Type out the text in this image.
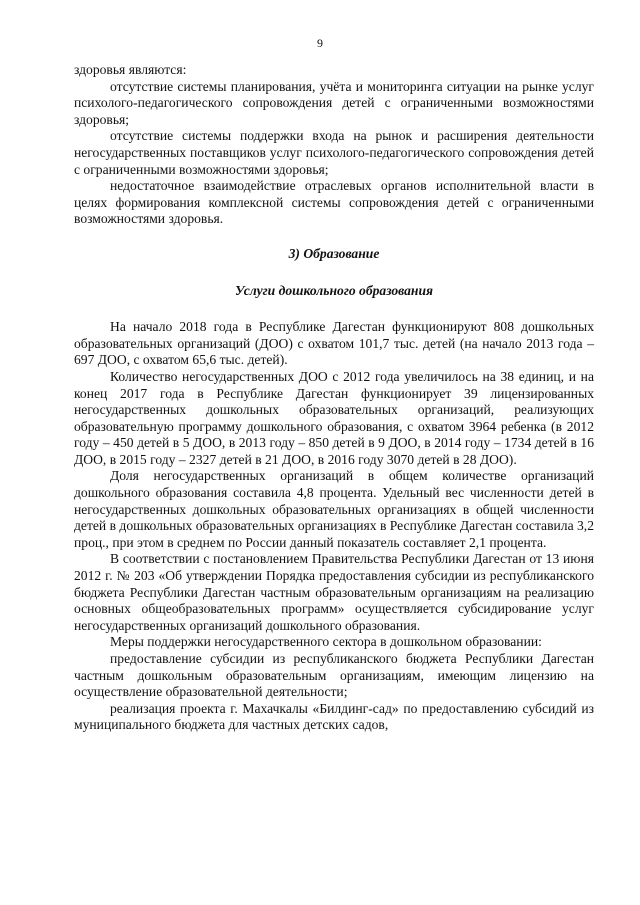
9

здоровья являются:

отсутствие системы планирования, учёта и мониторинга ситуации на рынке услуг психолого-педагогического сопровождения детей с ограниченными возможностями здоровья;

отсутствие системы поддержки входа на рынок и расширения деятельности негосударственных поставщиков услуг психолого-педагогического сопровождения детей с ограниченными возможностями здоровья;

недостаточное взаимодействие отраслевых органов исполнительной власти в целях формирования комплексной системы сопровождения детей с ограниченными возможностями здоровья.

3) Образование
Услуги дошкольного образования

На начало 2018 года в Республике Дагестан функционируют 808 дошкольных образовательных организаций (ДОО) с охватом 101,7 тыс. детей (на начало 2013 года – 697 ДОО, с охватом 65,6 тыс. детей).

Количество негосударственных ДОО с 2012 года увеличилось на 38 единиц, и на конец 2017 года в Республике Дагестан функционирует 39 лицензированных негосударственных дошкольных образовательных организаций, реализующих образовательную программу дошкольного образования, с охватом 3964 ребенка (в 2012 году – 450 детей в 5 ДОО, в 2013 году – 850 детей в 9 ДОО, в 2014 году – 1734 детей в 16 ДОО, в 2015 году – 2327 детей в 21 ДОО, в 2016 году 3070 детей в 28 ДОО).

Доля негосударственных организаций в общем количестве организаций дошкольного образования составила 4,8 процента. Удельный вес численности детей в негосударственных дошкольных образовательных организациях в общей численности детей в дошкольных образовательных организациях в Республике Дагестан составила 3,2 проц., при этом в среднем по России данный показатель составляет 2,1 процента.

В соответствии с постановлением Правительства Республики Дагестан от 13 июня 2012 г. № 203 «Об утверждении Порядка предоставления субсидии из республиканского бюджета Республики Дагестан частным образовательным организациям на реализацию основных общеобразовательных программ» осуществляется субсидирование услуг негосударственных организаций дошкольного образования.

Меры поддержки негосударственного сектора в дошкольном образовании:

предоставление субсидии из республиканского бюджета Республики Дагестан частным дошкольным образовательным организациям, имеющим лицензию на осуществление образовательной деятельности;

реализация проекта г. Махачкалы «Билдинг-сад» по предоставлению субсидий из муниципального бюджета для частных детских садов,
